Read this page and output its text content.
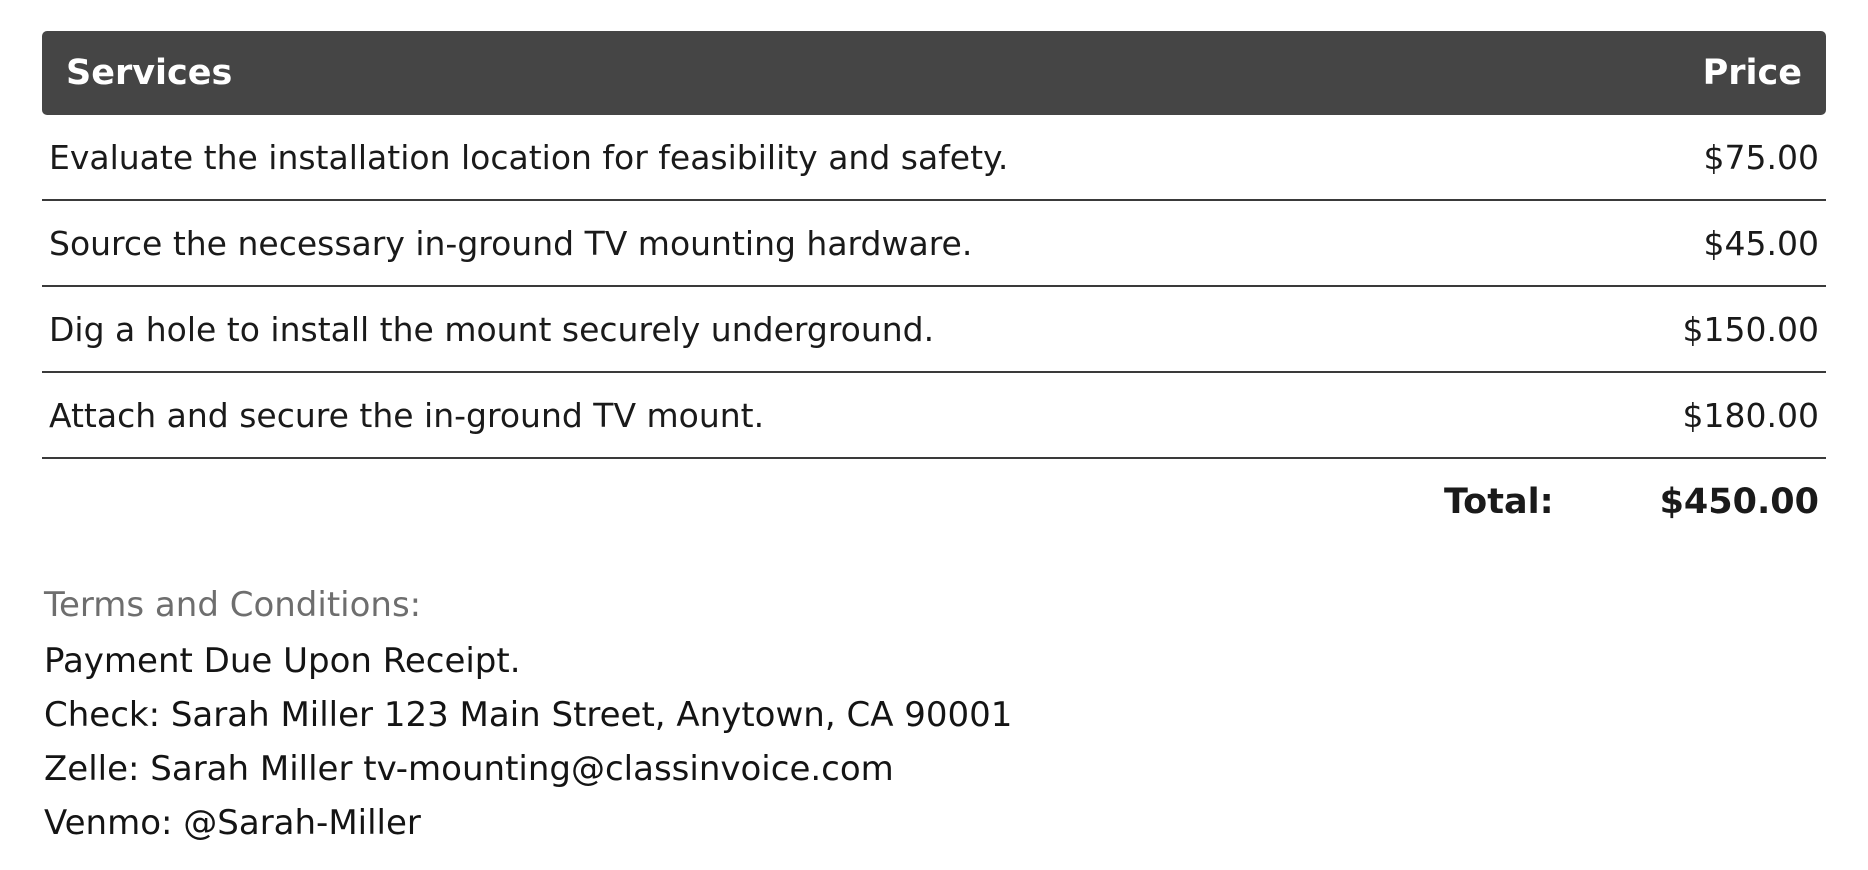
Services	Price
Evaluate the installation location for feasibility and safety.	$75.00
Source the necessary in-ground TV mounting hardware.	$45.00
Dig a hole to install the mount securely underground.	$150.00
Attach and secure the in-ground TV mount.	$180.00
Total:	$450.00
Terms and Conditions:
Payment Due Upon Receipt.
Check: Sarah Miller 123 Main Street, Anytown, CA 90001
Zelle: Sarah Miller tv-mounting@classinvoice.com
Venmo: @Sarah-Miller
